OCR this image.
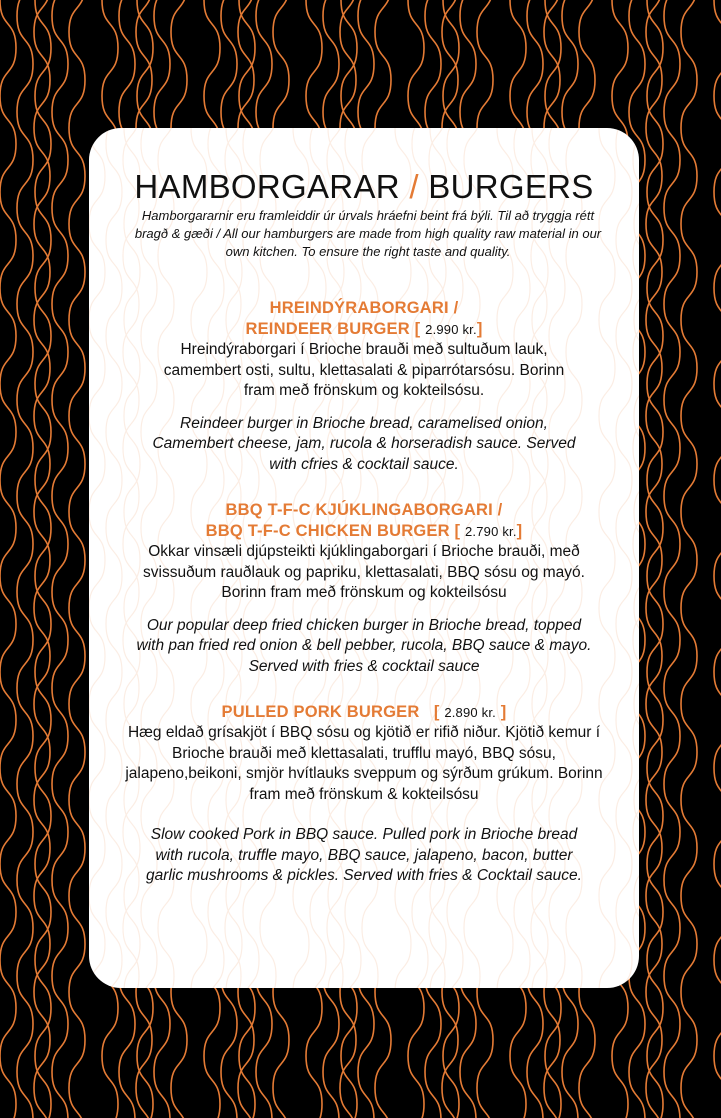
HAMBORGARAR / BURGERS
Hamborgararnir eru framleiddir úr úrvals hráefni beint frá býli. Til að tryggja rétt bragð & gæði / All our hamburgers are made from high quality raw material in our own kitchen. To ensure the right taste and quality.
HREINDÝRABORGARI /
REINDEER BURGER [ 2.990 kr.]
Hreindýraborgari í Brioche brauði með sultuðum lauk, camembert osti, sultu, klettasalati & piparrótarsósu. Borinn fram með frönskum og kokteilsósu.
Reindeer burger in Brioche bread, caramelised onion, Camembert cheese, jam, rucola & horseradish sauce. Served with cfries & cocktail sauce.
BBQ T-F-C KJÚKLINGABORGARI /
BBQ T-F-C CHICKEN BURGER [ 2.790 kr.]
Okkar vinsæli djúpsteikti kjúklingaborgari í Brioche brauði, með svissuðum rauðlauk og papriku, klettasalati, BBQ sósu og mayó. Borinn fram með frönskum og kokteilsósu
Our popular deep fried chicken burger in Brioche bread, topped with pan fried red onion & bell pebber, rucola, BBQ sauce & mayo. Served with fries & cocktail sauce
PULLED PORK BURGER [ 2.890 kr. ]
Hæg eldað grísakjöt í BBQ sósu og kjötið er rifið niður. Kjötið kemur í Brioche brauði með klettasalati, trufflu mayó, BBQ sósu, jalapeno,beikoni, smjör hvítlauks sveppum og sýrðum grúkum. Borinn fram með frönskum & kokteilsósu
Slow cooked Pork in BBQ sauce. Pulled pork in Brioche bread with rucola, truffle mayo, BBQ sauce, jalapeno, bacon, butter garlic mushrooms & pickles. Served with fries & Cocktail sauce.
